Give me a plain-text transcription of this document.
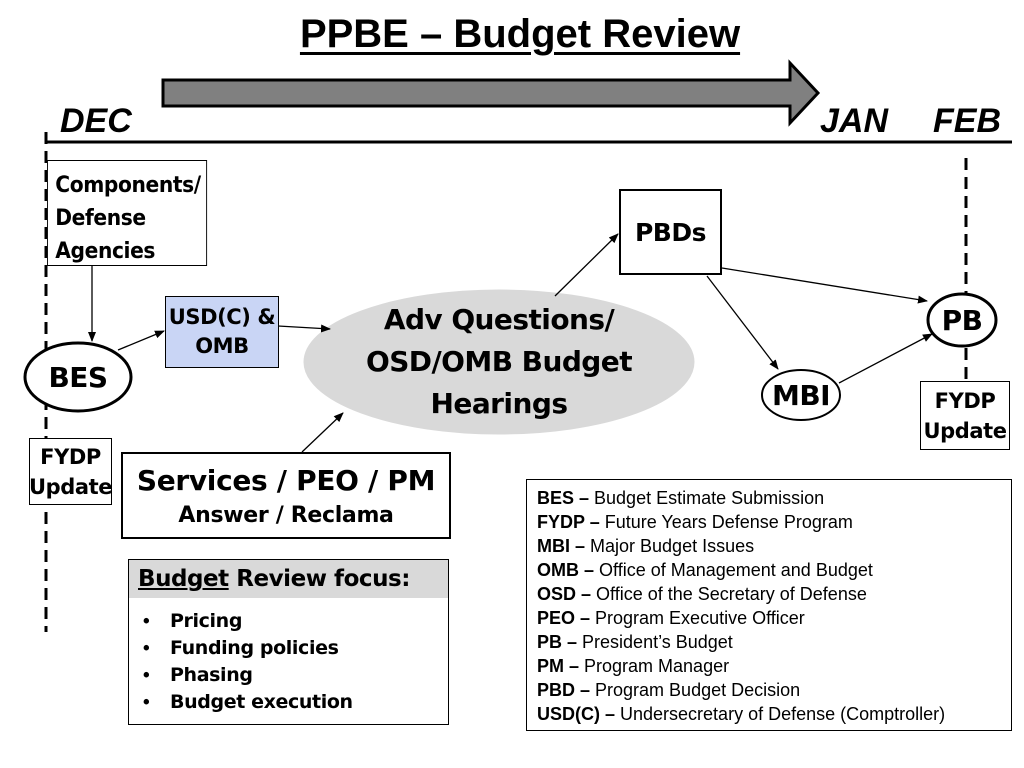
PPBE – Budget Review
DEC	JAN FEB
Components/ Defense Agencies
USD(C) & OMB
BES
Adv Questions/
OSD/OMB Budget Hearings
PBDs
PB
MBI
FYDP
Update
FYDP
Update
Services / PEO / PM
Answer / Reclama
Budget Review focus:
• Pricing
• Funding policies
• Phasing
• Budget execution
BES – Budget Estimate Submission
FYDP – Future Years Defense Program
MBI – Major Budget Issues
OMB – Office of Management and Budget
OSD – Office of the Secretary of Defense
PEO – Program Executive Officer
PB – President’s Budget
PM – Program Manager
PBD – Program Budget Decision
USD(C) – Undersecretary of Defense (Comptroller)
